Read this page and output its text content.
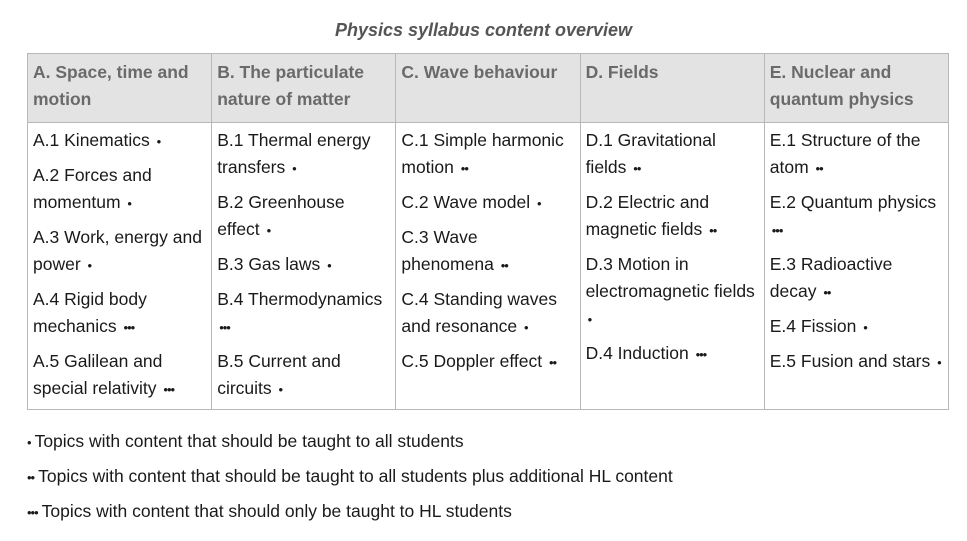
Physics syllabus content overview
A. Space, time and motion	B. The particulate nature of matter	C. Wave behaviour	D. Fields	E. Nuclear and quantum physics

A.1 Kinematics •
A.2 Forces and momentum •
A.3 Work, energy and power •
A.4 Rigid body mechanics •••
A.5 Galilean and special relativity •••	B.1 Thermal energy transfers •
B.2 Greenhouse effect •
B.3 Gas laws •
B.4 Thermodynamics •••
B.5 Current and circuits •	C.1 Simple harmonic motion ••
C.2 Wave model •
C.3 Wave phenomena ••
C.4 Standing waves and resonance •
C.5 Doppler effect ••	D.1 Gravitational fields ••
D.2 Electric and magnetic fields ••
D.3 Motion in electromagnetic fields •
D.4 Induction •••	E.1 Structure of the atom ••
E.2 Quantum physics •••
E.3 Radioactive decay ••
E.4 Fission •
E.5 Fusion and stars •
• Topics with content that should be taught to all students
•• Topics with content that should be taught to all students plus additional HL content
••• Topics with content that should only be taught to HL students
